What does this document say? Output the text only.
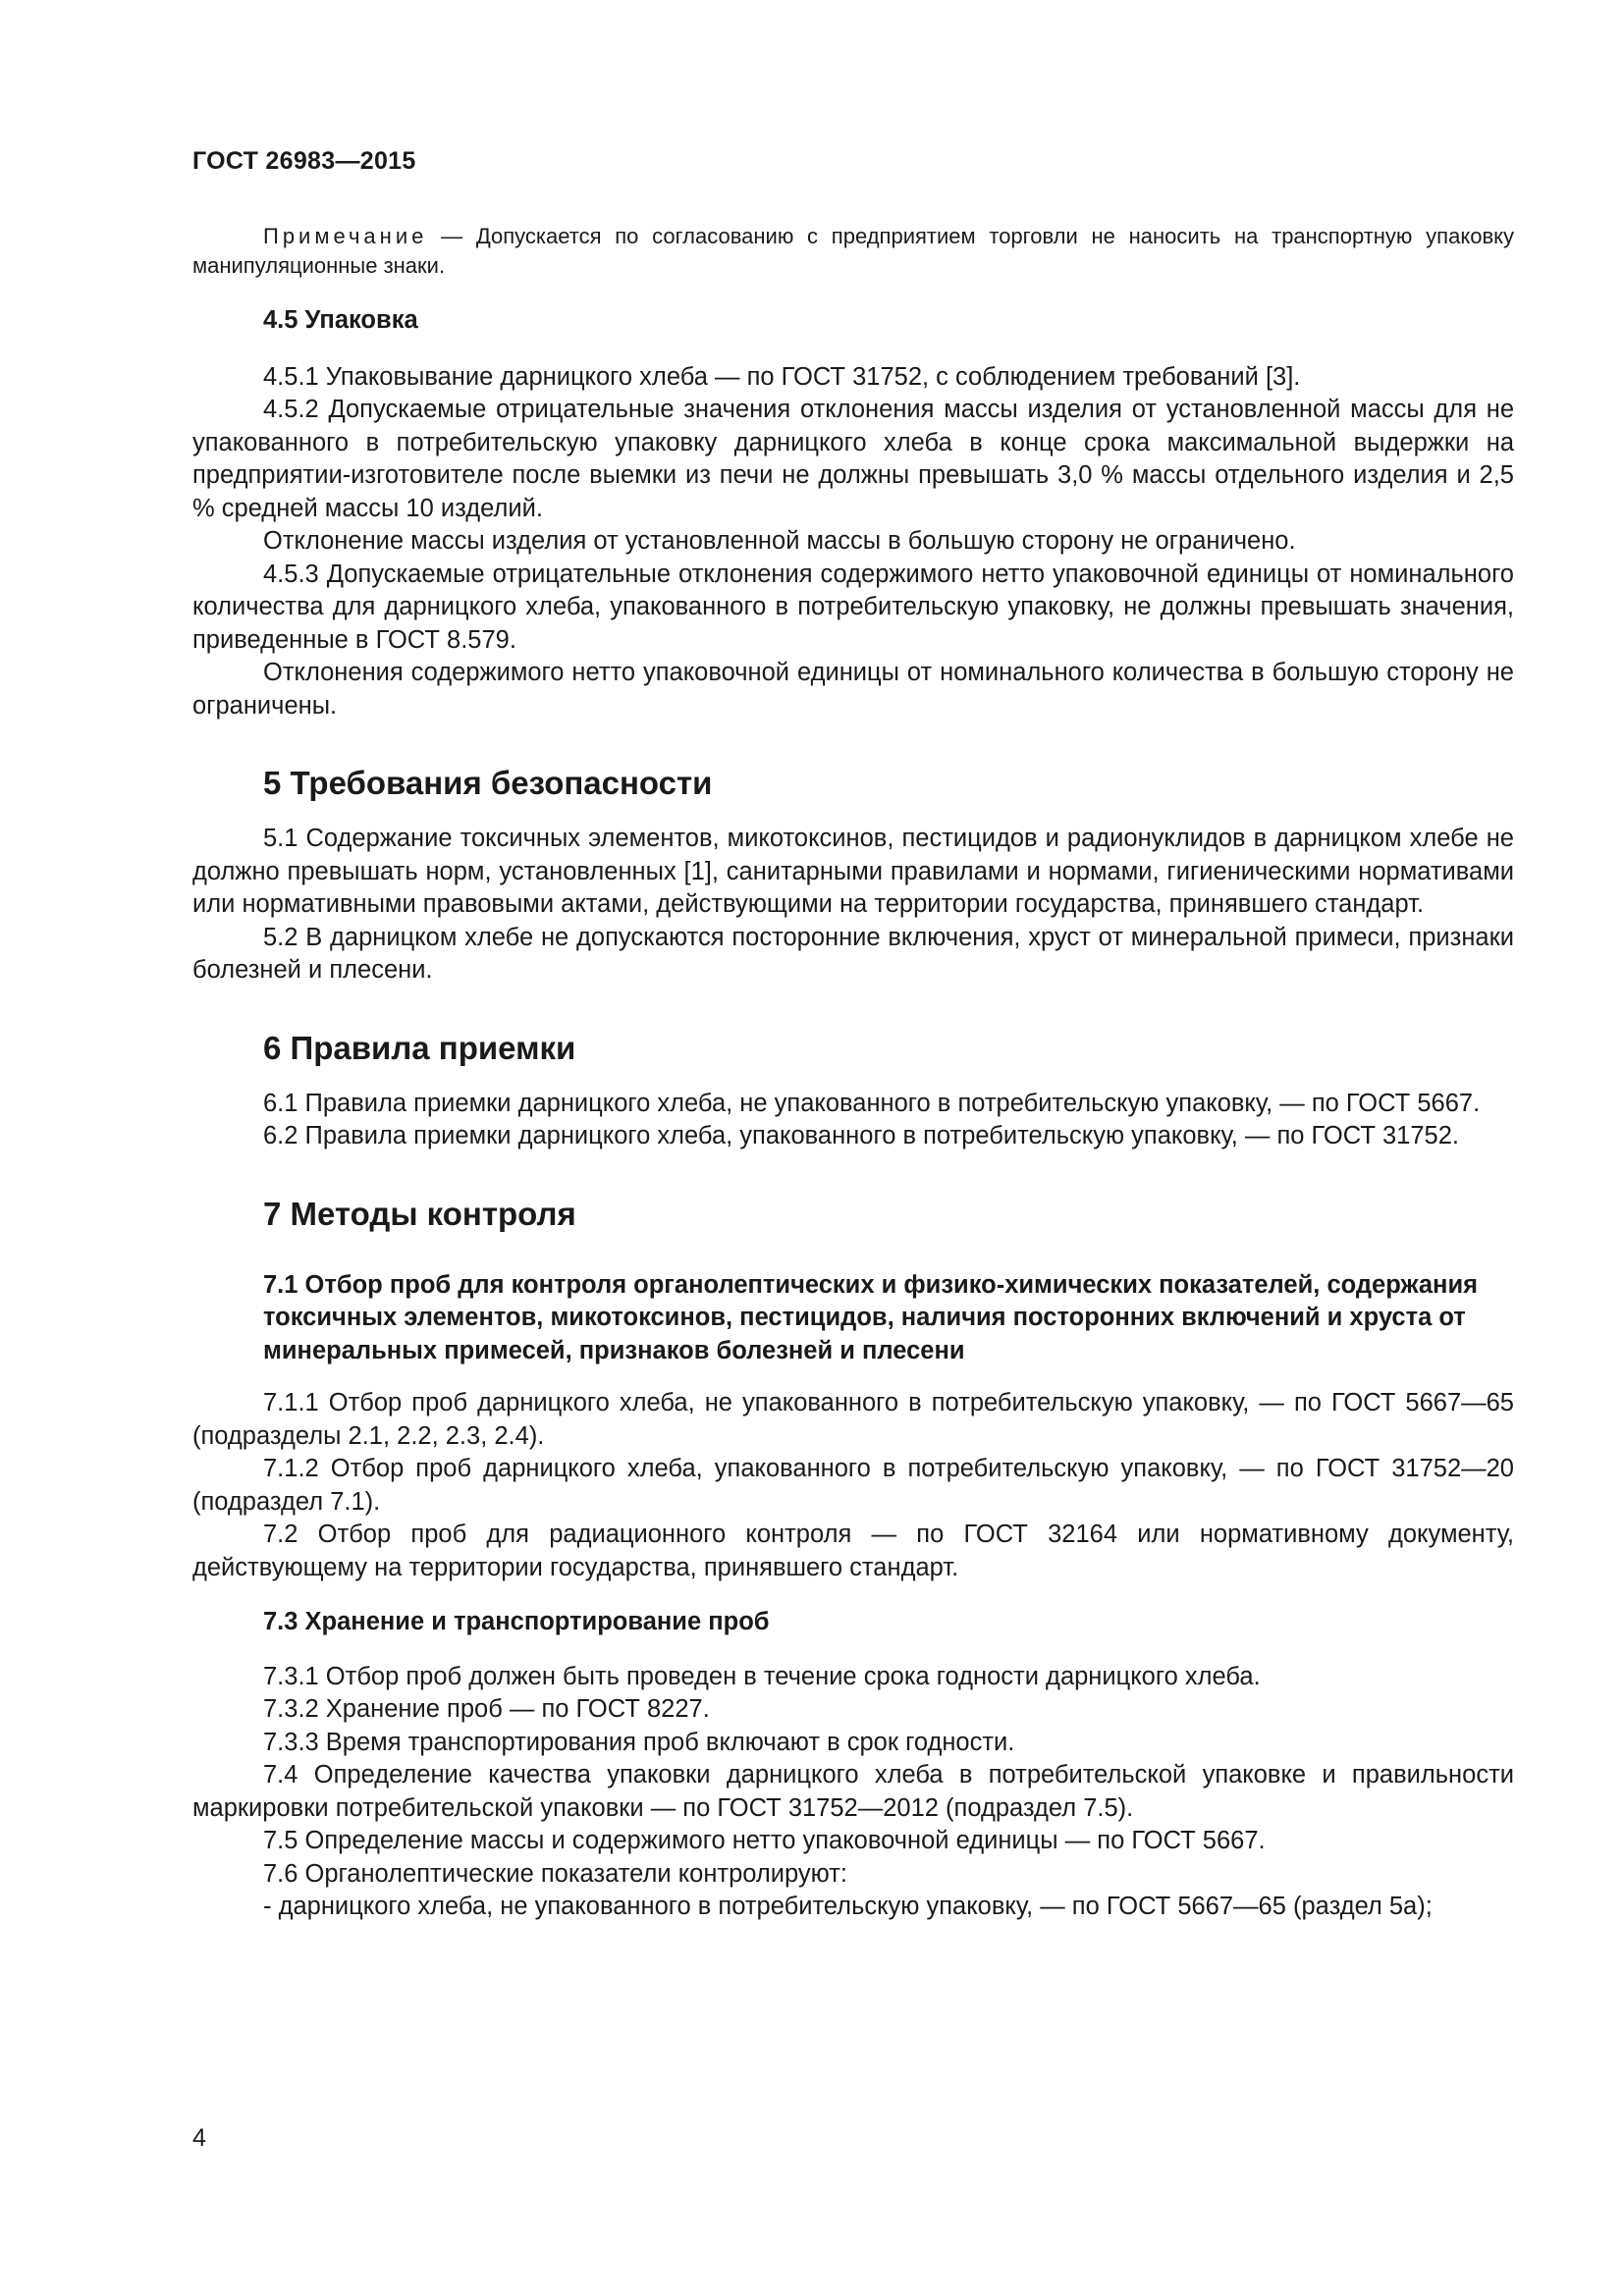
ГОСТ 26983—2015

Примечание — Допускается по согласованию с предприятием торговли не наносить на транспортную упаковку манипуляционные знаки.

4.5 Упаковка

4.5.1 Упаковывание дарницкого хлеба — по ГОСТ 31752, с соблюдением требований [3].

4.5.2 Допускаемые отрицательные значения отклонения массы изделия от установленной массы для не упакованного в потребительскую упаковку дарницкого хлеба в конце срока максимальной выдержки на предприятии-изготовителе после выемки из печи не должны превышать 3,0 % массы отдельного изделия и 2,5 % средней массы 10 изделий.

Отклонение массы изделия от установленной массы в большую сторону не ограничено.

4.5.3 Допускаемые отрицательные отклонения содержимого нетто упаковочной единицы от номинального количества для дарницкого хлеба, упакованного в потребительскую упаковку, не должны превышать значения, приведенные в ГОСТ 8.579.

Отклонения содержимого нетто упаковочной единицы от номинального количества в большую сторону не ограничены.

5 Требования безопасности

5.1 Содержание токсичных элементов, микотоксинов, пестицидов и радионуклидов в дарницком хлебе не должно превышать норм, установленных [1], санитарными правилами и нормами, гигиеническими нормативами или нормативными правовыми актами, действующими на территории государства, принявшего стандарт.

5.2 В дарницком хлебе не допускаются посторонние включения, хруст от минеральной примеси, признаки болезней и плесени.

6 Правила приемки

6.1 Правила приемки дарницкого хлеба, не упакованного в потребительскую упаковку, — по ГОСТ 5667.

6.2 Правила приемки дарницкого хлеба, упакованного в потребительскую упаковку, — по ГОСТ 31752.

7 Методы контроля
7.1 Отбор проб для контроля органолептических и физико-химических показателей, содержания токсичных элементов, микотоксинов, пестицидов, наличия посторонних включений и хруста от минеральных примесей, признаков болезней и плесени

7.1.1 Отбор проб дарницкого хлеба, не упакованного в потребительскую упаковку, — по ГОСТ 5667—65 (подразделы 2.1, 2.2, 2.3, 2.4).

7.1.2 Отбор проб дарницкого хлеба, упакованного в потребительскую упаковку, — по ГОСТ 31752—20 (подраздел 7.1).

7.2 Отбор проб для радиационного контроля — по ГОСТ 32164 или нормативному документу, действующему на территории государства, принявшего стандарт.

7.3 Хранение и транспортирование проб

7.3.1 Отбор проб должен быть проведен в течение срока годности дарницкого хлеба.

7.3.2 Хранение проб — по ГОСТ 8227.

7.3.3 Время транспортирования проб включают в срок годности.

7.4 Определение качества упаковки дарницкого хлеба в потребительской упаковке и правильности маркировки потребительской упаковки — по ГОСТ 31752—2012 (подраздел 7.5).

7.5 Определение массы и содержимого нетто упаковочной единицы — по ГОСТ 5667.

7.6 Органолептические показатели контролируют:

- дарницкого хлеба, не упакованного в потребительскую упаковку, — по ГОСТ 5667—65 (раздел 5а);

4
